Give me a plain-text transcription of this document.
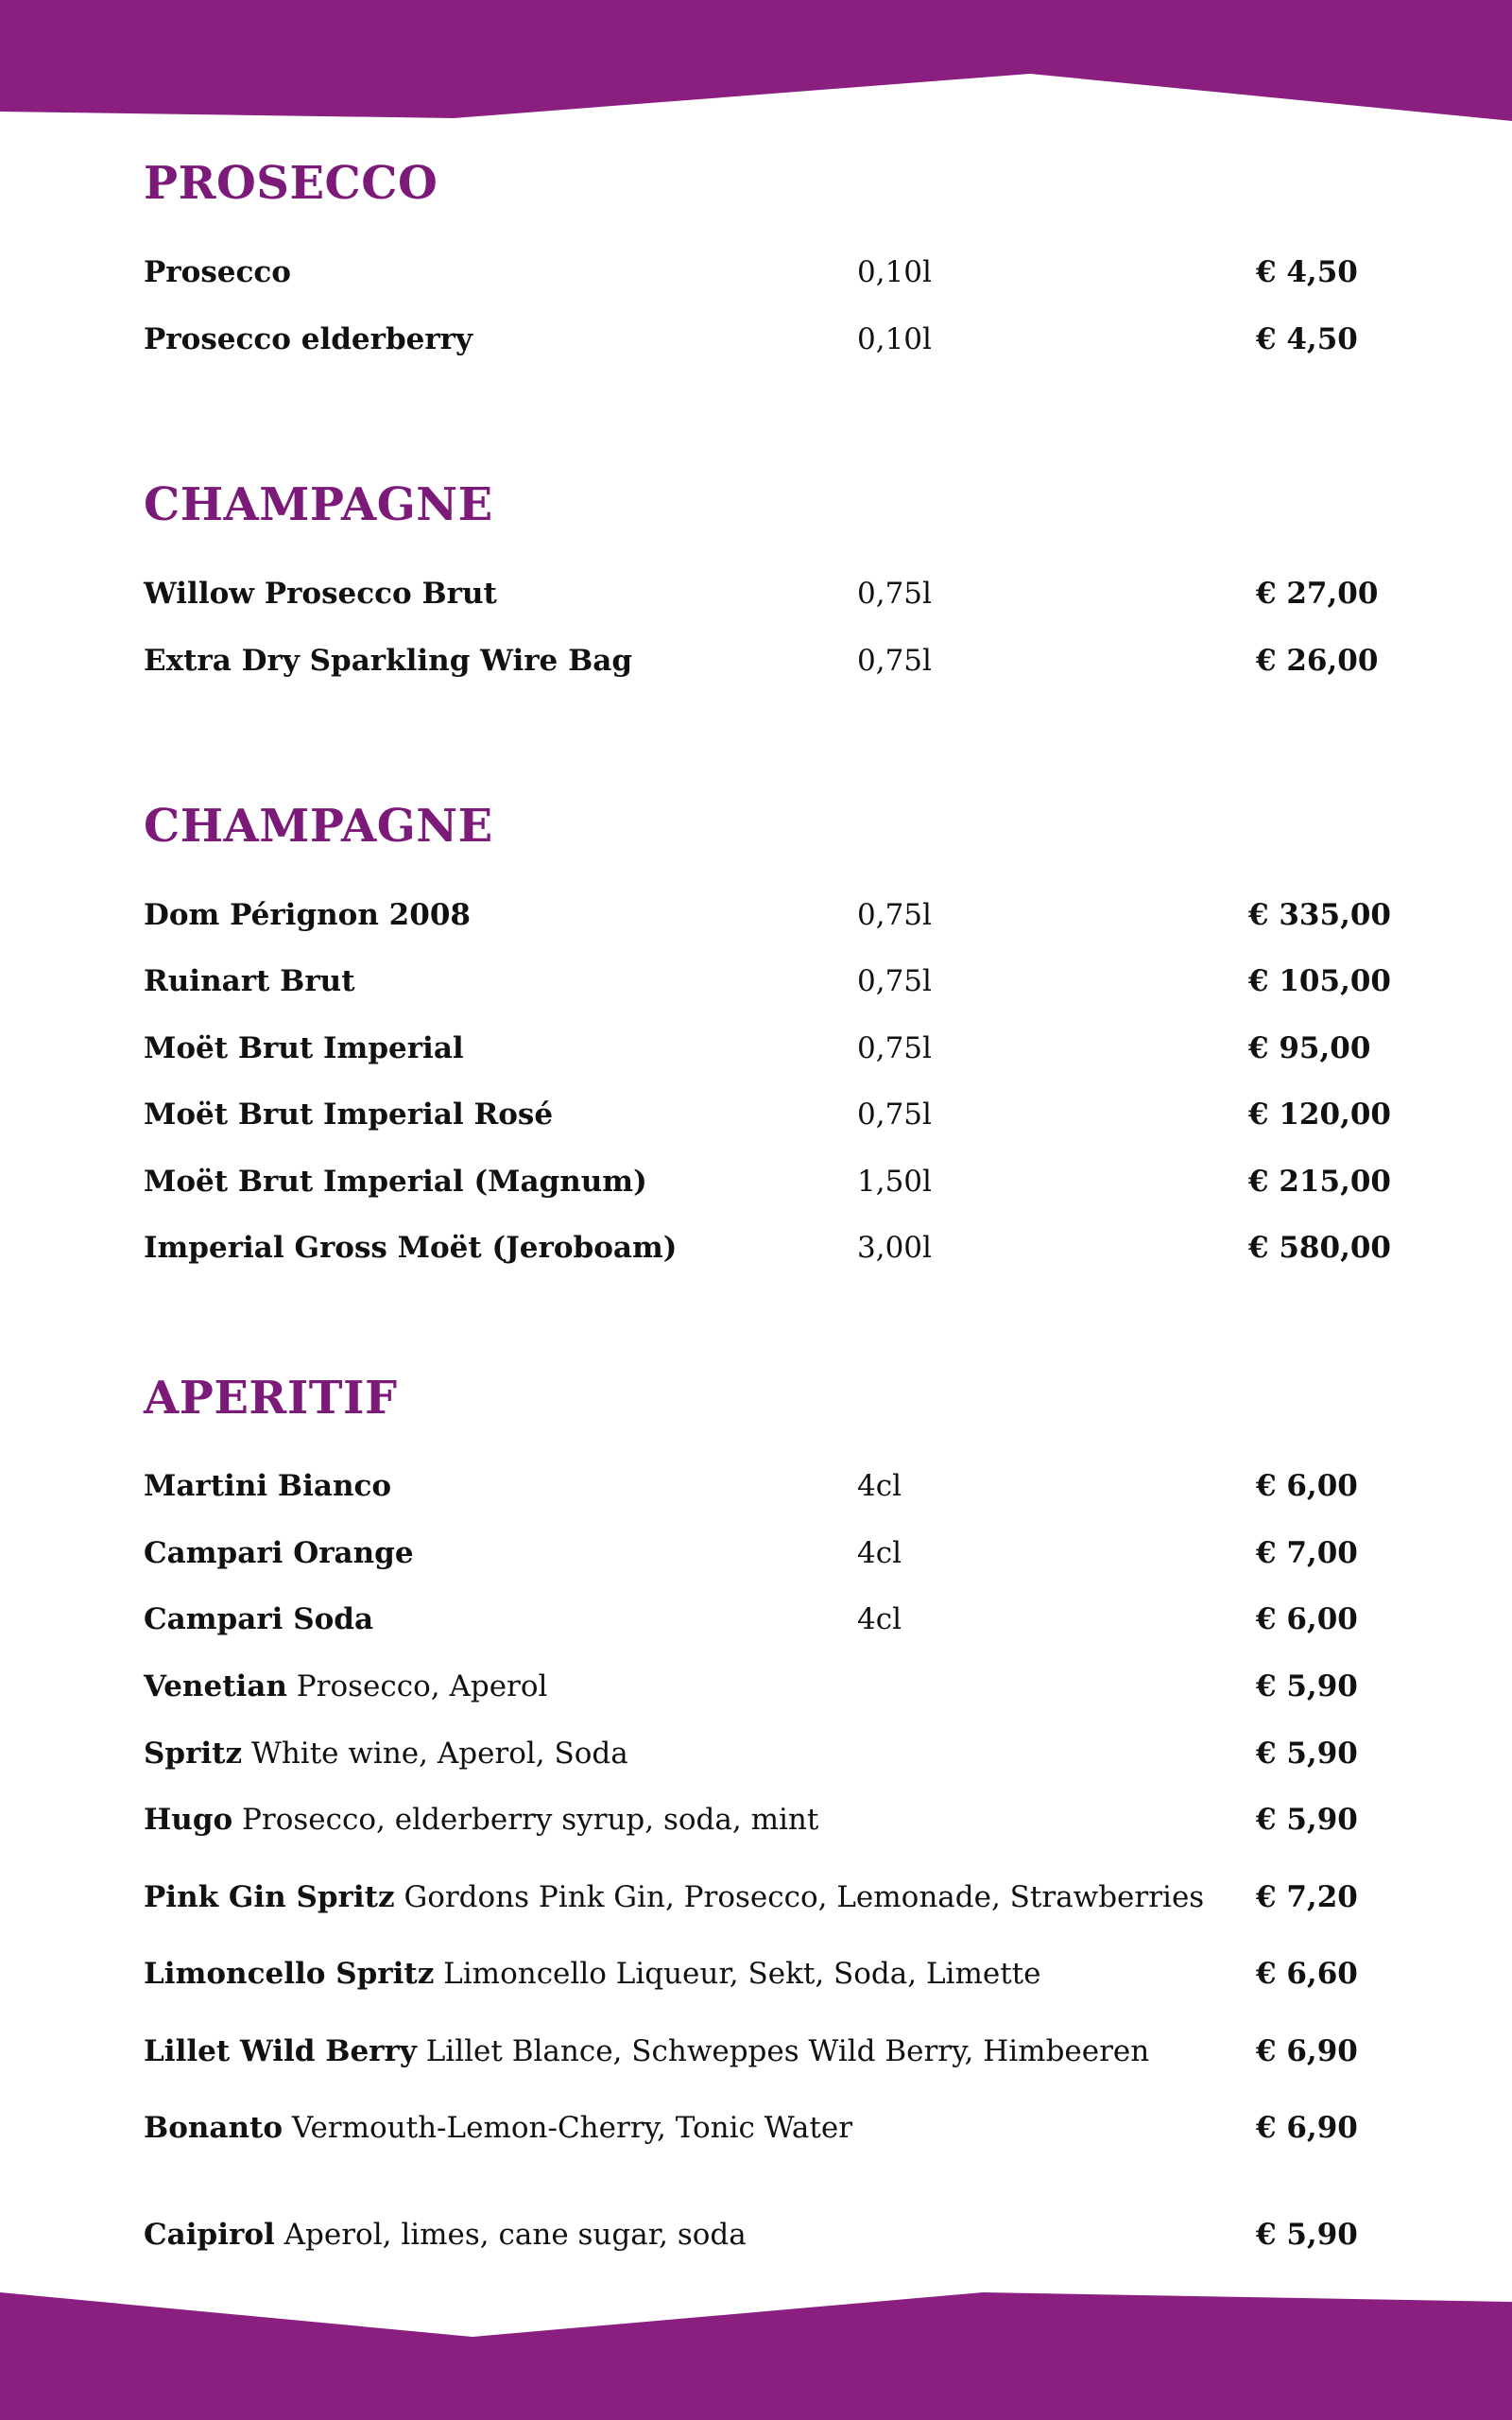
PROSECCO
Prosecco	0,10l	€ 4,50
Prosecco elderberry	0,10l	€ 4,50
CHAMPAGNE
Willow Prosecco Brut	0,75l	€ 27,00
Extra Dry Sparkling Wire Bag	0,75l	€ 26,00
CHAMPAGNE
Dom Pérignon 2008	0,75l	€ 335,00
Ruinart Brut	0,75l	€ 105,00
Moët Brut Imperial	0,75l	€ 95,00
Moët Brut Imperial Rosé	0,75l	€ 120,00
Moët Brut Imperial (Magnum)	1,50l	€ 215,00
Imperial Gross Moët (Jeroboam)	3,00l	€ 580,00
APERITIF
Martini Bianco	4cl	€ 6,00
Campari Orange	4cl	€ 7,00
Campari Soda	4cl	€ 6,00
Venetian Prosecco, Aperol	€ 5,90
Spritz White wine, Aperol, Soda	€ 5,90
Hugo Prosecco, elderberry syrup, soda, mint	€ 5,90
Pink Gin Spritz Gordons Pink Gin, Prosecco, Lemonade, Strawberries € 7,20
Limoncello Spritz Limoncello Liqueur, Sekt, Soda, Limette	€ 6,60
Lillet Wild Berry Lillet Blance, Schweppes Wild Berry, Himbeeren	€ 6,90
Bonanto Vermouth-Lemon-Cherry, Tonic Water	€ 6,90
Caipirol Aperol, limes, cane sugar, soda	€ 5,90
